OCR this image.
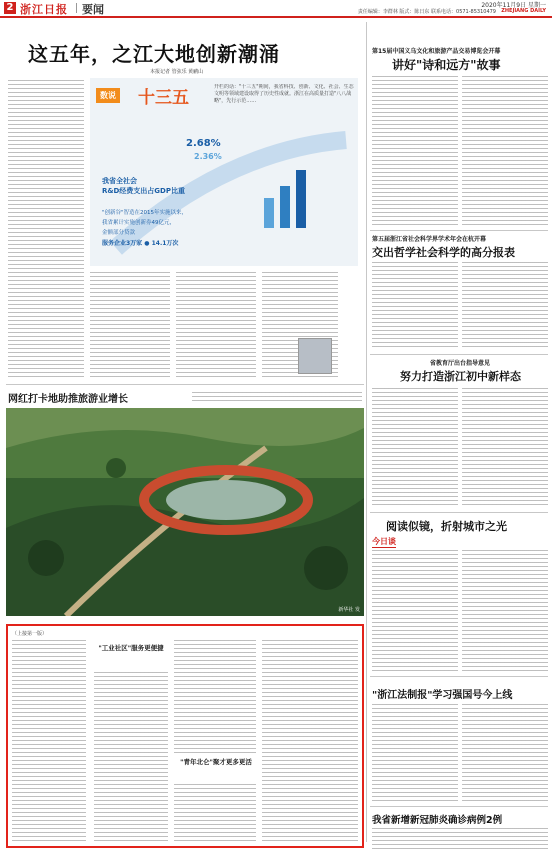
2 浙江日报 要闻	2020年11月9日 星期一
责任编辑：李群林 版式：陈日东 联系电话：0571-85310479 ZHEJIANG DAILY
这五年，之江大地创新潮涌
本报记者 管弦乐 黄鹂山
数说 十三五
开栏的话："十三五"期间，我省科技、创新、文化、社会、生态文明等领域建设取得了历史性成就。浙江在高质量打造"八八战略"，先行示范……
2.68%
2.36%
我省全社会
R&D经费支出占GDP比重
"创新谷"智造在2015年实施以来，
我省累计实施创新券49亿元，
金额部分贷款
服务企业3万家 ● 14.1万次
第15届中国义乌文化和旅游产品交易博览会开幕
讲好"诗和远方"故事
第五届浙江省社会科学界学术年会在杭开幕
交出哲学社会科学的高分报表
省教育厅出台指导意见
努力打造浙江初中新样态
阅读似镜，折射城市之光
今日谈
"浙江法制报"学习强国号今上线
我省新增新冠肺炎确诊病例2例
网红打卡地助推旅游业增长
新华社 发
（上接第一版）
"工业社区"服务更便捷
"青年北仑"聚才更多更活
